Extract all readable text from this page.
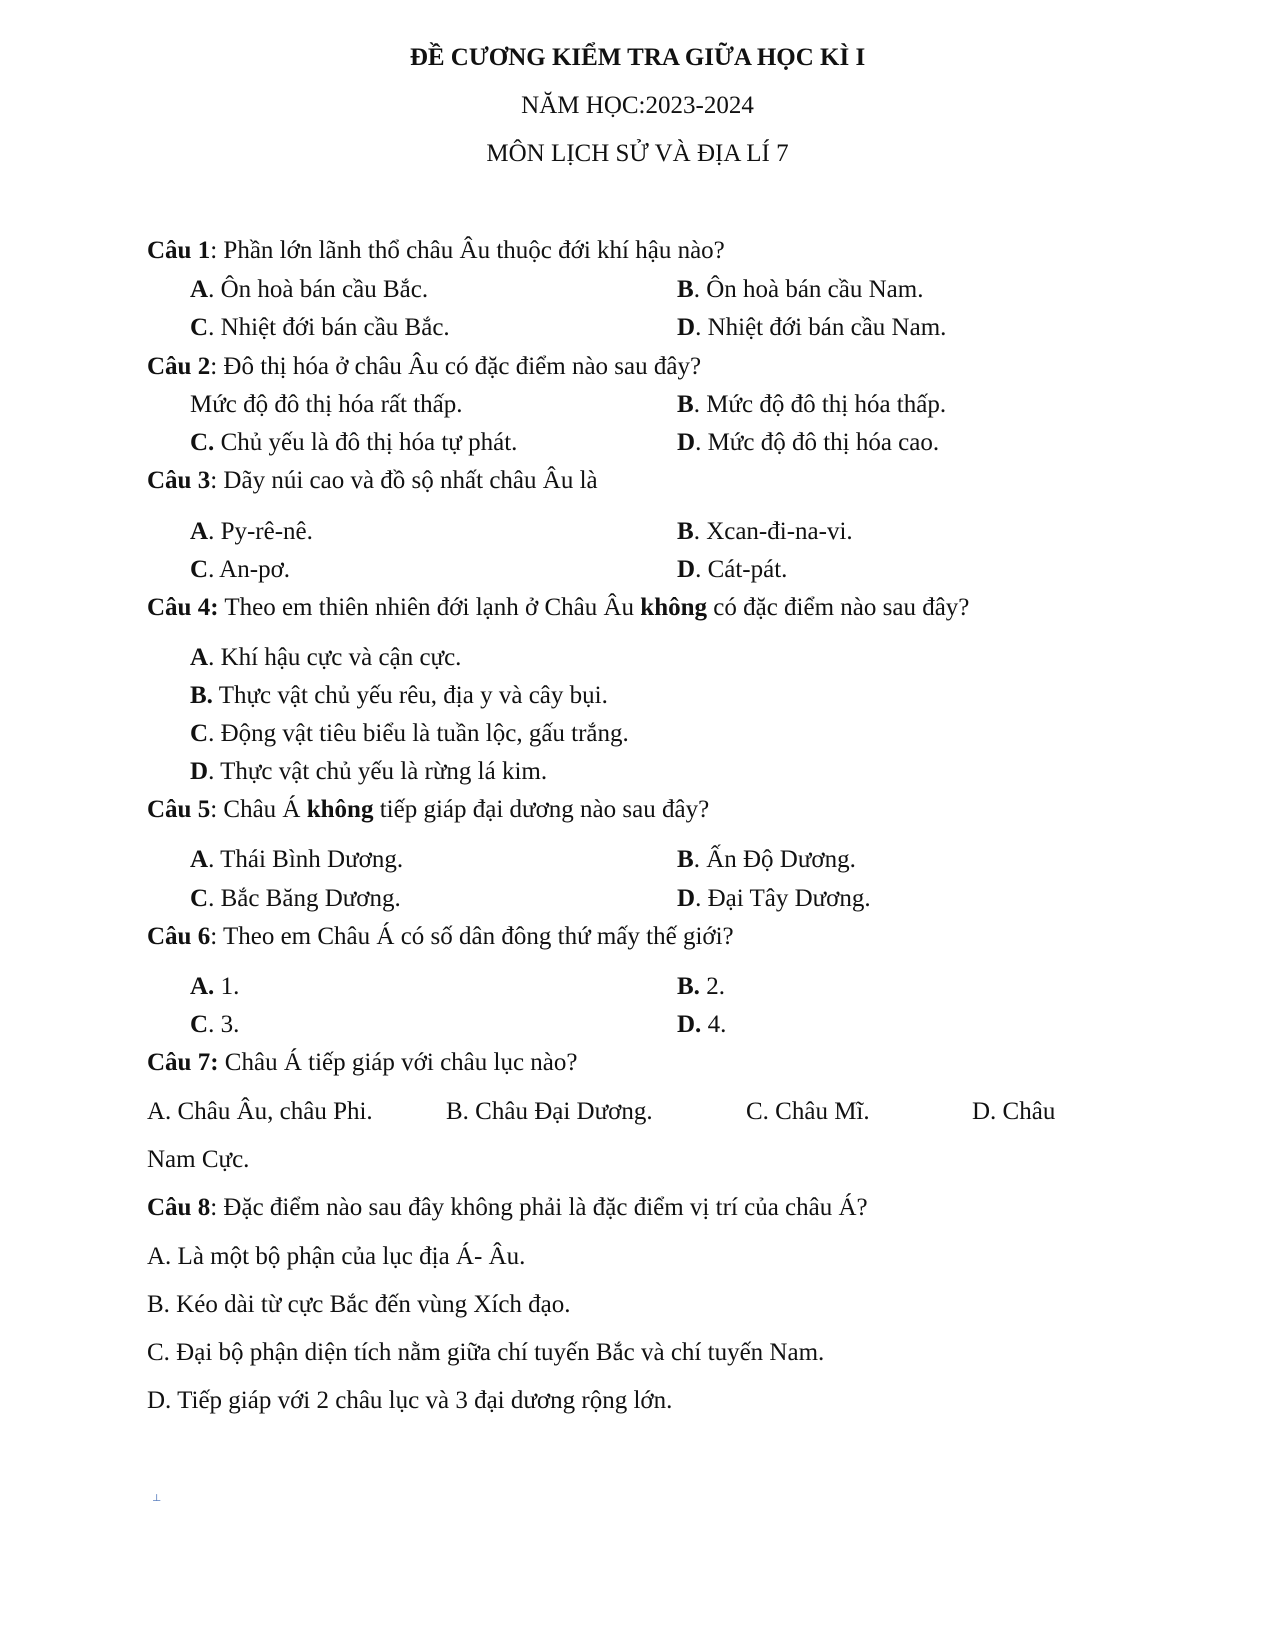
ĐỀ CƯƠNG KIỂM TRA GIỮA HỌC KÌ I
NĂM HỌC:2023-2024
MÔN LỊCH SỬ VÀ ĐỊA LÍ 7
Câu 1: Phần lớn lãnh thổ châu Âu thuộc đới khí hậu nào?
A. Ôn hoà bán cầu Bắc.	B. Ôn hoà bán cầu Nam.
C. Nhiệt đới bán cầu Bắc.	D. Nhiệt đới bán cầu Nam.
Câu 2: Đô thị hóa ở châu Âu có đặc điểm nào sau đây?
Mức độ đô thị hóa rất thấp.	B. Mức độ đô thị hóa thấp.
C. Chủ yếu là đô thị hóa tự phát.	D. Mức độ đô thị hóa cao.
Câu 3: Dãy núi cao và đồ sộ nhất châu Âu là
A. Py-rê-nê.	B. Xcan-đi-na-vi.
C. An-pơ.	D. Cát-pát.
Câu 4: Theo em thiên nhiên đới lạnh ở Châu Âu không có đặc điểm nào sau đây?
A. Khí hậu cực và cận cực.
B. Thực vật chủ yếu rêu, địa y và cây bụi.
C. Động vật tiêu biểu là tuần lộc, gấu trắng.
D. Thực vật chủ yếu là rừng lá kim.
Câu 5: Châu Á không tiếp giáp đại dương nào sau đây?
A. Thái Bình Dương.	B. Ấn Độ Dương.
C. Bắc Băng Dương.	D. Đại Tây Dương.
Câu 6: Theo em Châu Á có số dân đông thứ mấy thế giới?
A. 1.	B. 2.
C. 3.	D. 4.
Câu 7: Châu Á tiếp giáp với châu lục nào?
A. Châu Âu, châu Phi.	B. Châu Đại Dương.	C. Châu Mĩ.	D. Châu
Nam Cực.
Câu 8: Đặc điểm nào sau đây không phải là đặc điểm vị trí của châu Á?
A. Là một bộ phận của lục địa Á- Âu.
B. Kéo dài từ cực Bắc đến vùng Xích đạo.
C. Đại bộ phận diện tích nằm giữa chí tuyến Bắc và chí tuyến Nam.
D. Tiếp giáp với 2 châu lục và 3 đại dương rộng lớn.
⊥
